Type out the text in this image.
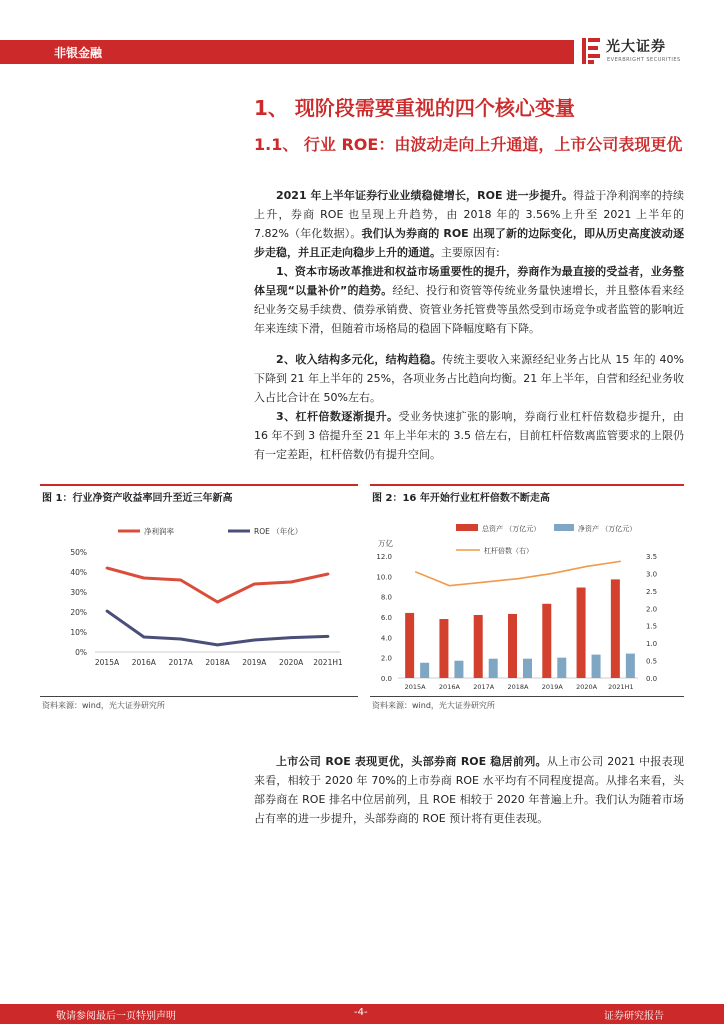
非银金融	光大证券
EVERBRIGHT SECURITIES
1、 现阶段需要重视的四个核心变量
1.1、 行业 ROE：由波动走向上升通道，上市公司表现更优

2021 年上半年证券行业业绩稳健增长，ROE 进一步提升。得益于净利润率的持续上升，券商 ROE 也呈现上升趋势，由 2018 年的 3.56%上升至 2021 上半年的 7.82%（年化数据）。我们认为券商的 ROE 出现了新的边际变化，即从历史高度波动逐步走稳，并且正走向稳步上升的通道。主要原因有:

1、资本市场改革推进和权益市场重要性的提升，券商作为最直接的受益者，业务整体呈现“以量补价”的趋势。经纪、投行和资管等传统业务量快速增长，并且整体看来经纪业务交易手续费、债券承销费、资管业务托管费等虽然受到市场竞争或者监管的影响近年来连续下滑，但随着市场格局的稳固下降幅度略有下降。

2、收入结构多元化，结构趋稳。传统主要收入来源经纪业务占比从 15 年的 40%下降到 21 年上半年的 25%，各项业务占比趋向均衡。21 年上半年，自营和经纪业务收入占比合计在 50%左右。

3、杠杆倍数逐渐提升。受业务快速扩张的影响，券商行业杠杆倍数稳步提升，由 16 年不到 3 倍提升至 21 年上半年末的 3.5 倍左右，目前杠杆倍数离监管要求的上限仍有一定差距，杠杆倍数仍有提升空间。

图 1：行业净资产收益率回升至近三年新高
0%
10%
20%
30%
40%
50%
2015A 2016A 2017A 2018A 2019A 2020A 2021H1
净利润率	ROE （年化）
资料来源：wind，光大证券研究所
图 2：16 年开始行业杠杆倍数不断走高
万亿
0.0
2.0
4.0
6.0
8.0
10.0
12.0
0.0
0.5
1.0
1.5
2.0
2.5
3.0
3.5
2015A 2016A 2017A 2018A 2019A 2020A 2021H1
总资产 （万亿元）	净资产 （万亿元）
杠杆倍数（右）
资料来源：wind，光大证券研究所

上市公司 ROE 表现更优，头部券商 ROE 稳居前列。从上市公司 2021 中报表现来看，相较于 2020 年 70%的上市券商 ROE 水平均有不同程度提高。从排名来看，头部券商在 ROE 排名中位居前列，且 ROE 相较于 2020 年普遍上升。我们认为随着市场占有率的进一步提升，头部券商的 ROE 预计将有更佳表现。

敬请参阅最后一页特别声明	-4-	证券研究报告
